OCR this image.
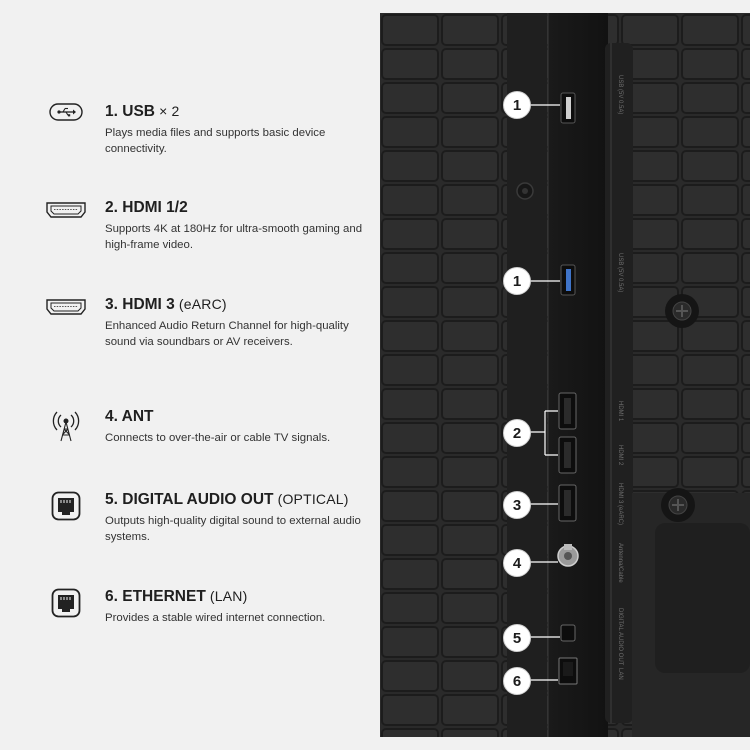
1. USB × 2
Plays media files and supports basic device connectivity.
2. HDMI 1/2
Supports 4K at 180Hz for ultra-smooth gaming and high-frame video.
3. HDMI 3 (eARC)
Enhanced Audio Return Channel for high-quality sound via soundbars or AV receivers.
4. ANT
Connects to over-the-air or cable TV signals.
5. DIGITAL AUDIO OUT (OPTICAL)
Outputs high-quality digital sound to external audio systems.
6. ETHERNET (LAN)
Provides a stable wired internet connection.
USB (5V 0.5A)
USB (5V 0.5A)
HDMI 1
HDMI 2
HDMI 3 (eARC)
Antenna/Cable
DIGITAL AUDIO OUT
LAN
1
1
2
3
4
5
6
